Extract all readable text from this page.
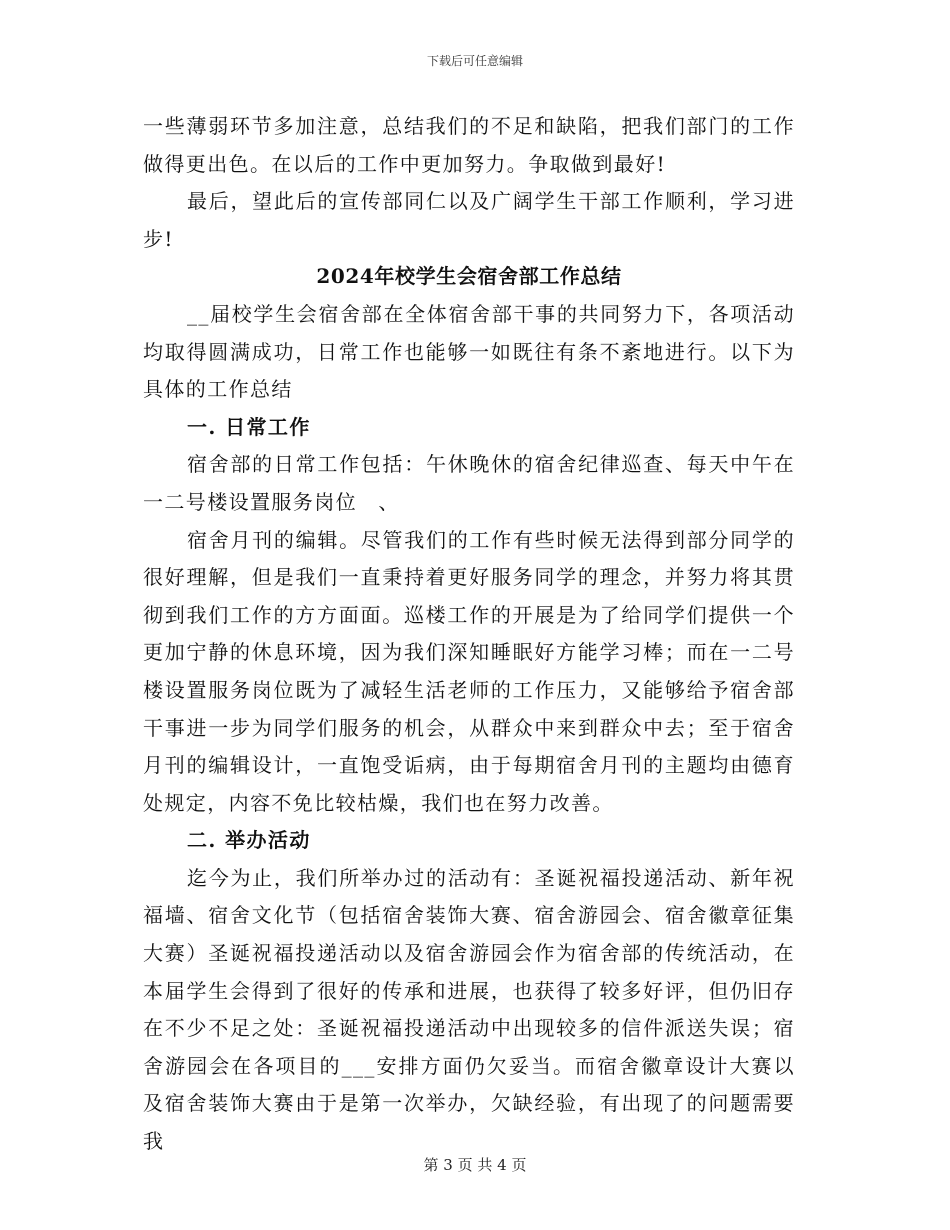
下载后可任意编辑

一些薄弱环节多加注意，总结我们的不足和缺陷，把我们部门的工作做得更出色。在以后的工作中更加努力。争取做到最好!

最后，望此后的宣传部同仁以及广阔学生干部工作顺利，学习进步!

2024年校学生会宿舍部工作总结

__届校学生会宿舍部在全体宿舍部干事的共同努力下，各项活动均取得圆满成功，日常工作也能够一如既往有条不紊地进行。以下为具体的工作总结

一. 日常工作

宿舍部的日常工作包括：午休晚休的宿舍纪律巡查、每天中午在一二号楼设置服务岗位　、

宿舍月刊的编辑。尽管我们的工作有些时候无法得到部分同学的很好理解，但是我们一直秉持着更好服务同学的理念，并努力将其贯彻到我们工作的方方面面。巡楼工作的开展是为了给同学们提供一个更加宁静的休息环境，因为我们深知睡眠好方能学习棒；而在一二号楼设置服务岗位既为了减轻生活老师的工作压力，又能够给予宿舍部干事进一步为同学们服务的机会，从群众中来到群众中去；至于宿舍月刊的编辑设计，一直饱受诟病，由于每期宿舍月刊的主题均由德育处规定，内容不免比较枯燥，我们也在努力改善。

二. 举办活动

迄今为止，我们所举办过的活动有：圣诞祝福投递活动、新年祝福墙、宿舍文化节（包括宿舍装饰大赛、宿舍游园会、宿舍徽章征集大赛）圣诞祝福投递活动以及宿舍游园会作为宿舍部的传统活动，在本届学生会得到了很好的传承和进展，也获得了较多好评，但仍旧存在不少不足之处：圣诞祝福投递活动中出现较多的信件派送失误；宿舍游园会在各项目的___安排方面仍欠妥当。而宿舍徽章设计大赛以及宿舍装饰大赛由于是第一次举办，欠缺经验，有出现了的问题需要我

第 3 页 共 4 页
